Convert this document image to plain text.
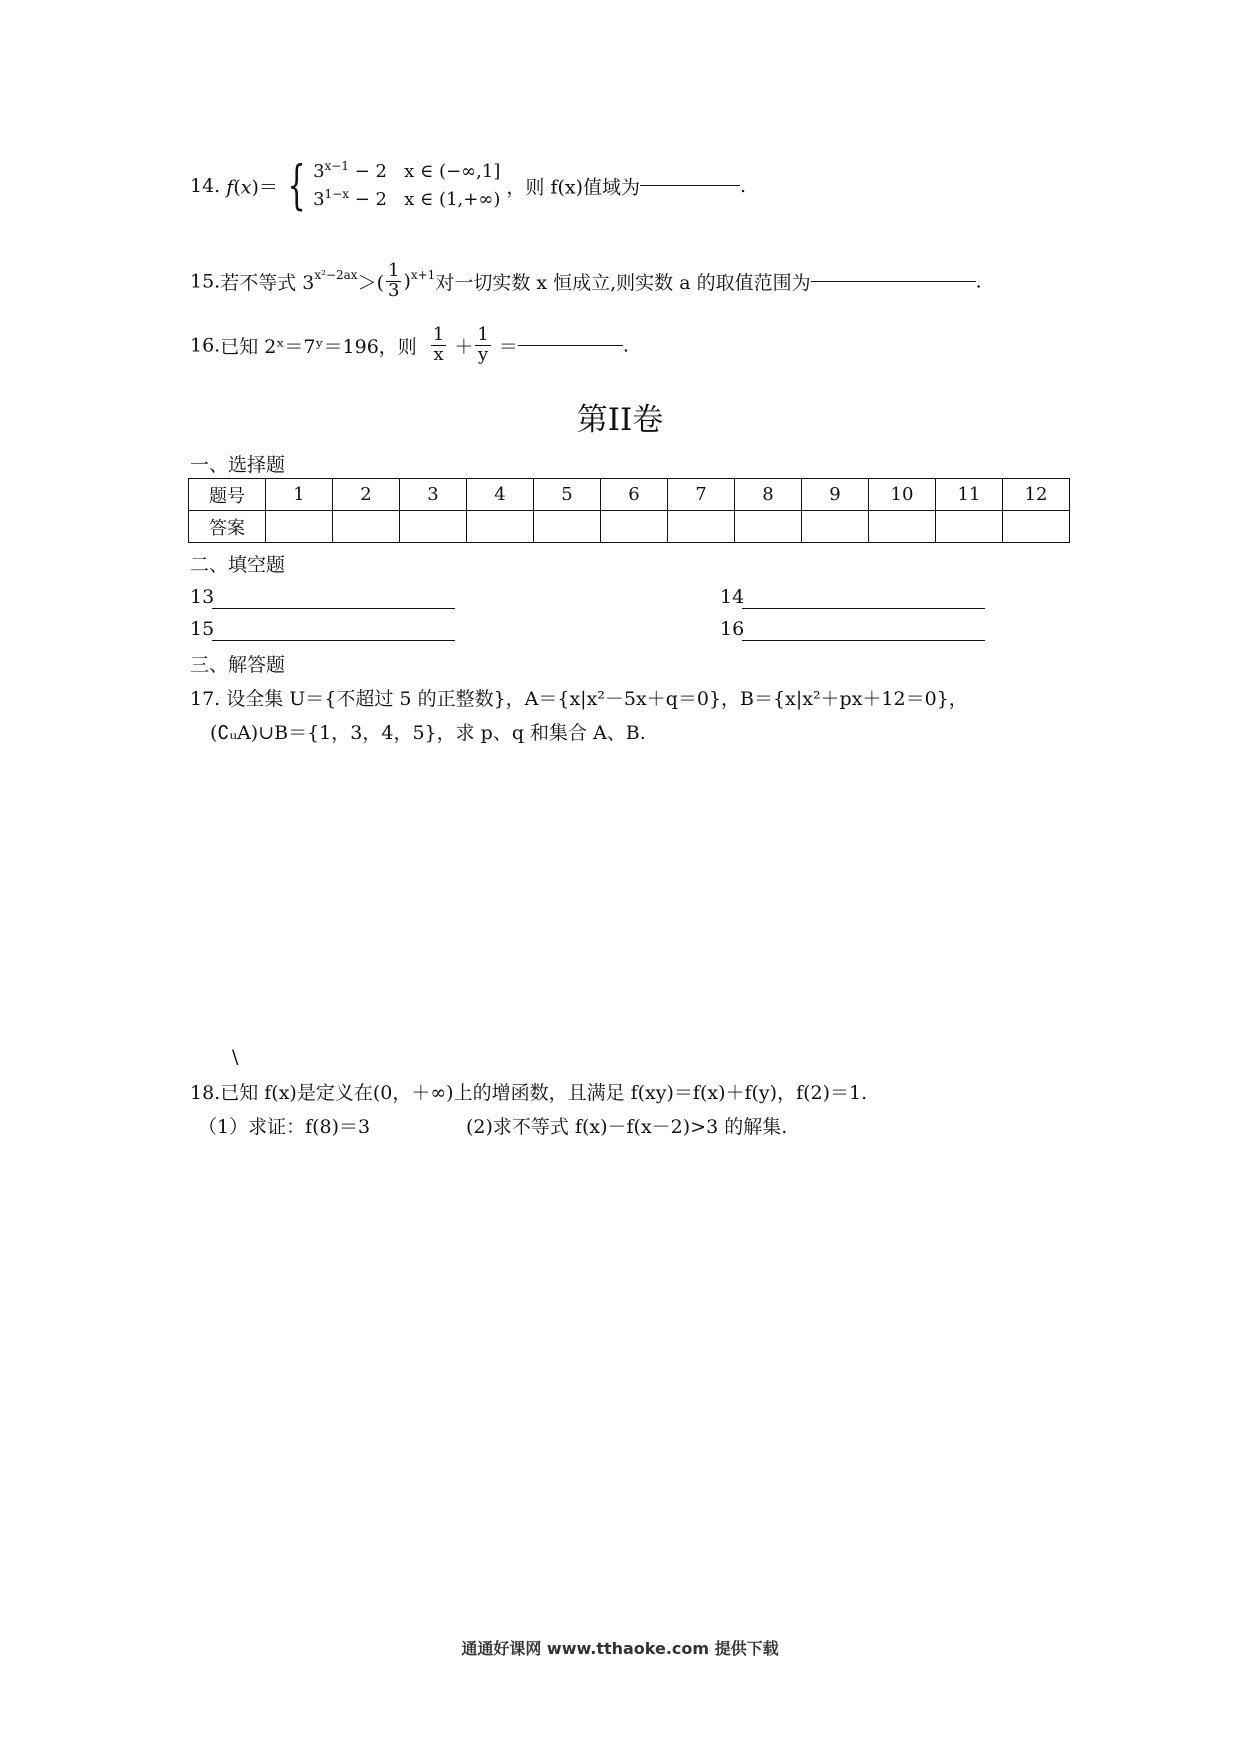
14. f(x)＝ { $3^{x-1} - 2$ x ∈ (−∞,1]
$3^{1-x} - 2$ x ∈ (1,+∞)
，则 f(x)值域为	.
15.若不等式 $3^{x^2-2ax}>( \frac{1}{3} )^{x+1}$对一切实数 x 恒成立,则实数 a 的取值范围为	.
16.已知 2ˣ＝7ʸ＝196，则 $\frac{1}{x} + \frac{1}{y}$ ＝	.
第II卷
一、选择题
题号	1	2	3	4	5	6	7	8	9	10	11	12
答案												
二、填空题
13	14
15	16
三、解答题
17. 设全集 U＝{不超过 5 的正整数}，A＝{x|x²－5x＋q＝0}，B＝{x|x²＋px＋12＝0}，
(∁ᵤA)∪B＝{1，3，4，5}，求 p、q 和集合 A、B.
\
18.已知 f(x)是定义在(0，＋∞)上的增函数，且满足 f(xy)＝f(x)＋f(y)，f(2)＝1.
（1）求证：f(8)＝3	(2)求不等式 f(x)－f(x－2)>3 的解集.
通通好课网 www.tthaoke.com 提供下载
